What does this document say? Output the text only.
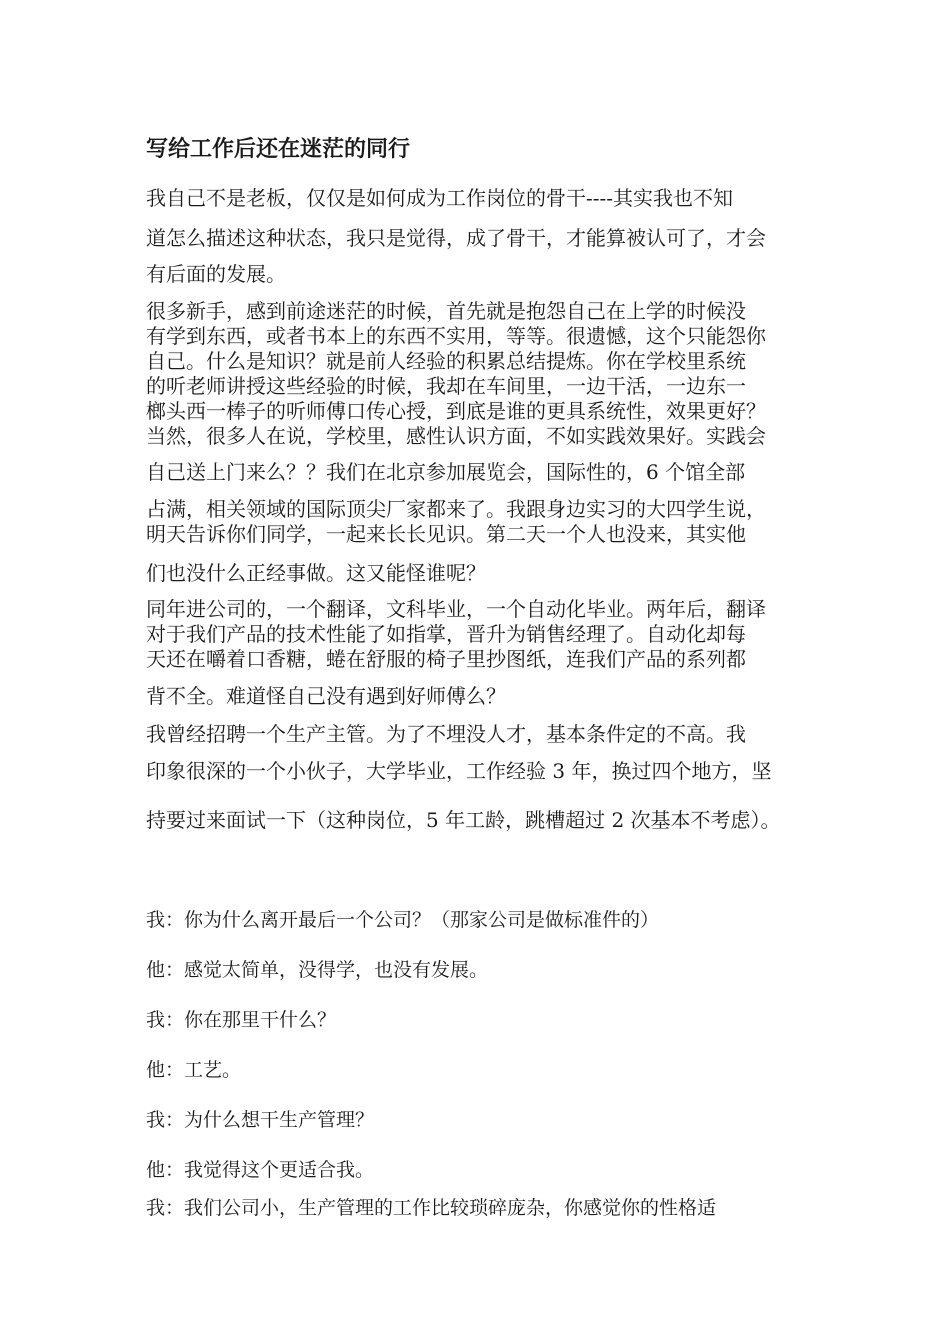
写给工作后还在迷茫的同行
我自己不是老板，仅仅是如何成为工作岗位的骨干----其实我也不知
道怎么描述这种状态，我只是觉得，成了骨干，才能算被认可了，才会
有后面的发展。
很多新手，感到前途迷茫的时候，首先就是抱怨自己在上学的时候没
有学到东西，或者书本上的东西不实用，等等。很遗憾，这个只能怨你
自己。什么是知识？就是前人经验的积累总结提炼。你在学校里系统
的听老师讲授这些经验的时候，我却在车间里，一边干活，一边东一
榔头西一棒子的听师傅口传心授，到底是谁的更具系统性，效果更好？
当然，很多人在说，学校里，感性认识方面，不如实践效果好。实践会
自己送上门来么？？我们在北京参加展览会，国际性的，6 个馆全部
占满，相关领域的国际顶尖厂家都来了。我跟身边实习的大四学生说，
明天告诉你们同学，一起来长长见识。第二天一个人也没来，其实他
们也没什么正经事做。这又能怪谁呢？
同年进公司的，一个翻译，文科毕业，一个自动化毕业。两年后，翻译
对于我们产品的技术性能了如指掌，晋升为销售经理了。自动化却每
天还在嚼着口香糖，蜷在舒服的椅子里抄图纸，连我们产品的系列都
背不全。难道怪自己没有遇到好师傅么？
我曾经招聘一个生产主管。为了不埋没人才，基本条件定的不高。我
印象很深的一个小伙子，大学毕业，工作经验 3 年，换过四个地方，坚
持要过来面试一下（这种岗位，5 年工龄，跳槽超过 2 次基本不考虑）。
我：你为什么离开最后一个公司？（那家公司是做标准件的）
他：感觉太简单，没得学，也没有发展。
我：你在那里干什么？
他：工艺。
我：为什么想干生产管理？
他：我觉得这个更适合我。
我：我们公司小，生产管理的工作比较琐碎庞杂，你感觉你的性格适
